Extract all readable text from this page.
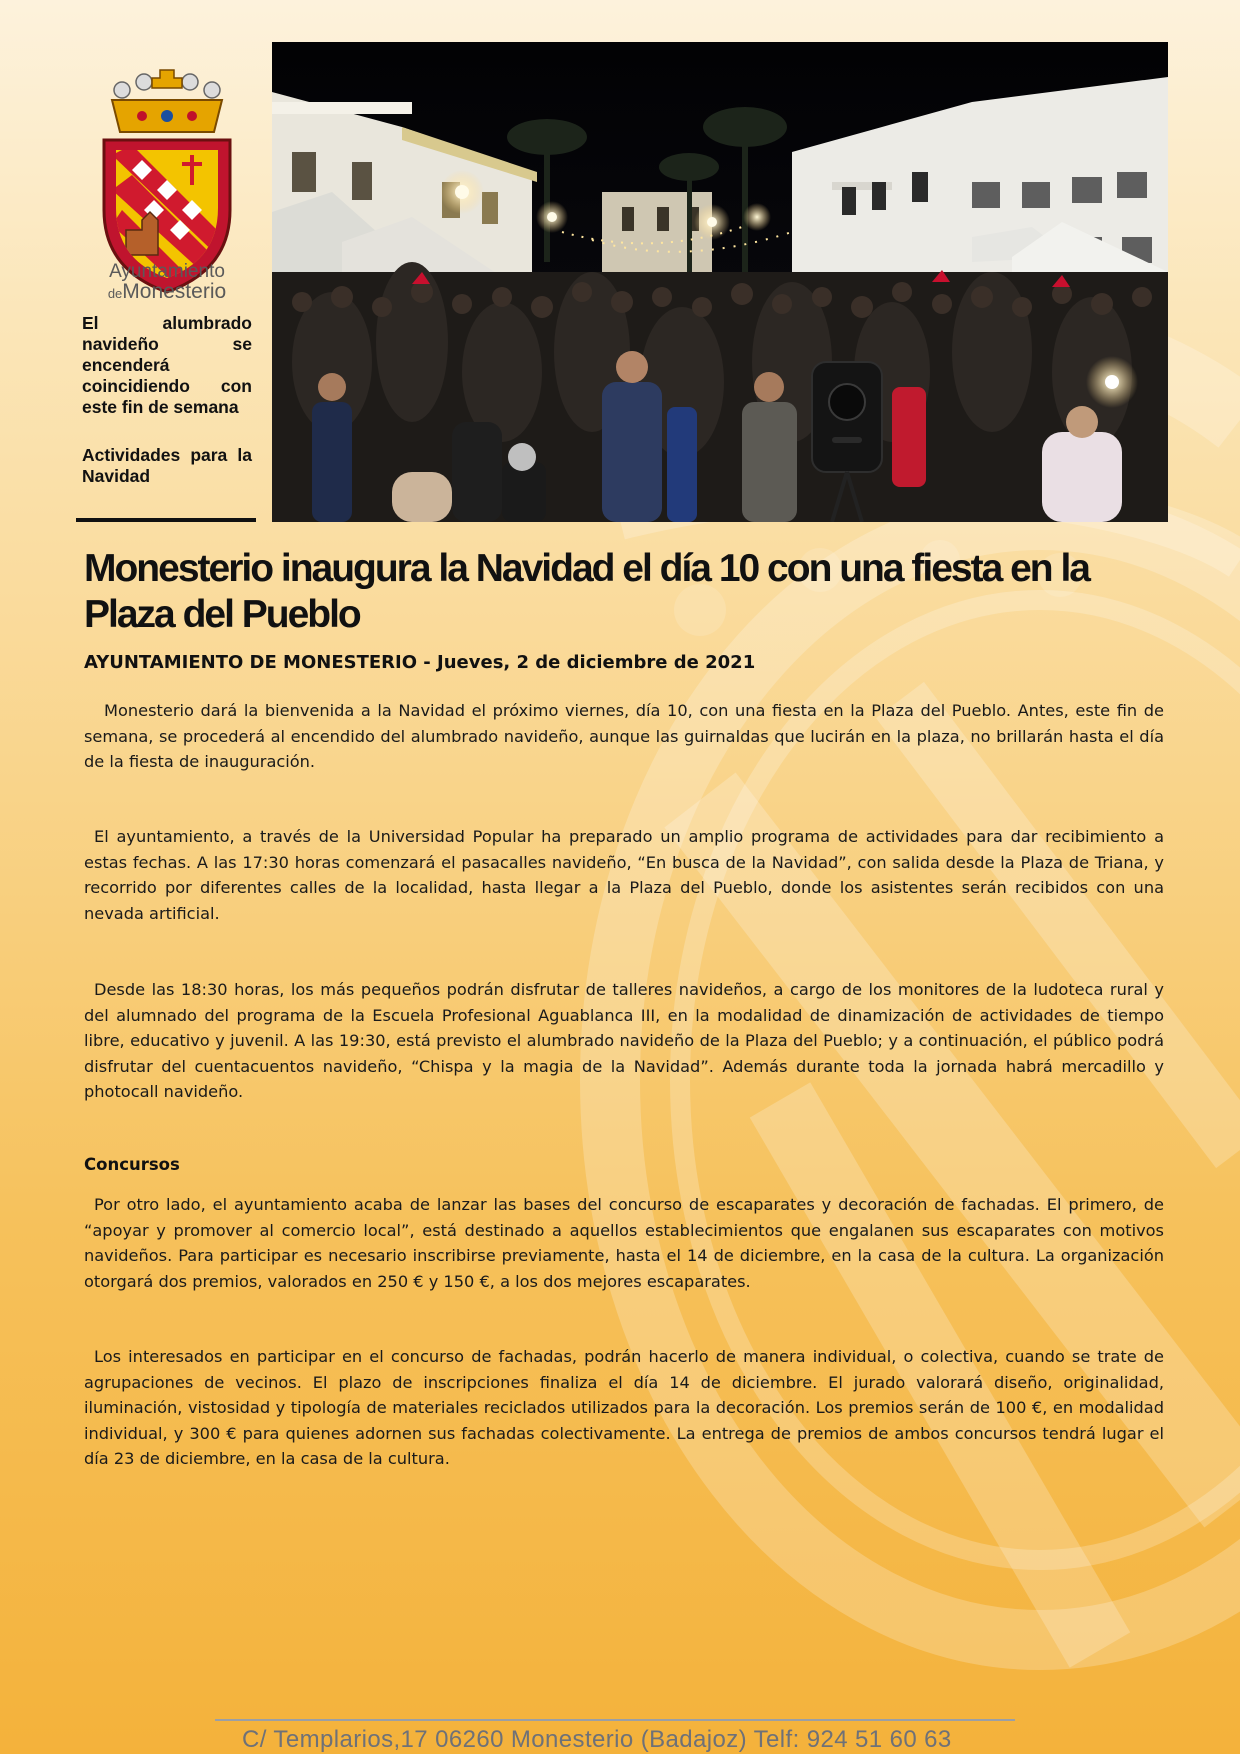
Ayuntamiento
deMonesterio
El alumbrado navideño se encenderá coincidiendo con este fin de semana
Actividades para la Navidad
Monesterio inaugura la Navidad el día 10 con una fiesta en la Plaza del Pueblo

AYUNTAMIENTO DE MONESTERIO - Jueves, 2 de diciembre de 2021

Monesterio dará la bienvenida a la Navidad el próximo viernes, día 10, con una fiesta en la Plaza del Pueblo. Antes, este fin de semana, se procederá al encendido del alumbrado navideño, aunque las guirnaldas que lucirán en la plaza, no brillarán hasta el día de la fiesta de inauguración.

El ayuntamiento, a través de la Universidad Popular ha preparado un amplio programa de actividades para dar recibimiento a estas fechas. A las 17:30 horas comenzará el pasacalles navideño, “En busca de la Navidad”, con salida desde la Plaza de Triana, y recorrido por diferentes calles de la localidad, hasta llegar a la Plaza del Pueblo, donde los asistentes serán recibidos con una nevada artificial.

Desde las 18:30 horas, los más pequeños podrán disfrutar de talleres navideños, a cargo de los monitores de la ludoteca rural y del alumnado del programa de la Escuela Profesional Aguablanca III, en la modalidad de dinamización de actividades de tiempo libre, educativo y juvenil. A las 19:30, está previsto el alumbrado navideño de la Plaza del Pueblo; y a continuación, el público podrá disfrutar del cuentacuentos navideño, “Chispa y la magia de la Navidad”. Además durante toda la jornada habrá mercadillo y photocall navideño.

Concursos

Por otro lado, el ayuntamiento acaba de lanzar las bases del concurso de escaparates y decoración de fachadas. El primero, de “apoyar y promover al comercio local”, está destinado a aquellos establecimientos que engalanen sus escaparates con motivos navideños. Para participar es necesario inscribirse previamente, hasta el 14 de diciembre, en la casa de la cultura. La organización otorgará dos premios, valorados en 250 € y 150 €, a los dos mejores escaparates.

Los interesados en participar en el concurso de fachadas, podrán hacerlo de manera individual, o colectiva, cuando se trate de agrupaciones de vecinos. El plazo de inscripciones finaliza el día 14 de diciembre. El jurado valorará diseño, originalidad, iluminación, vistosidad y tipología de materiales reciclados utilizados para la decoración. Los premios serán de 100 €, en modalidad individual, y 300 € para quienes adornen sus fachadas colectivamente. La entrega de premios de ambos concursos tendrá lugar el día 23 de diciembre, en la casa de la cultura.

C/ Templarios,17 06260 Monesterio (Badajoz) Telf: 924 51 60 63
